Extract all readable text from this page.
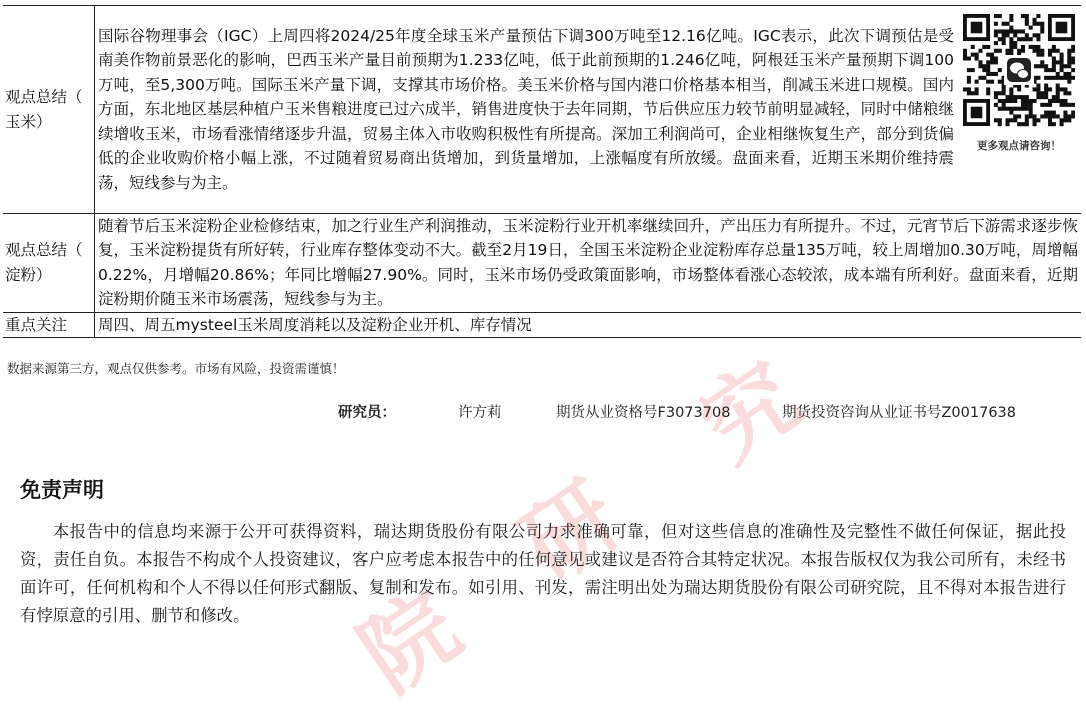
究
研
院
观点总结（
玉米）	国际谷物理事会（IGC）上周四将2024/25年度全球玉米产量预估下调300万吨至12.16亿吨。IGC表示，此次下调预估是受南美作物前景恶化的影响，巴西玉米产量目前预期为1.233亿吨，低于此前预期的1.246亿吨，阿根廷玉米产量预期下调100万吨，至5,300万吨。国际玉米产量下调，支撑其市场价格。美玉米价格与国内港口价格基本相当，削减玉米进口规模。国内方面，东北地区基层种植户玉米售粮进度已过六成半，销售进度快于去年同期，节后供应压力较节前明显减轻，同时中储粮继续增收玉米，市场看涨情绪逐步升温，贸易主体入市收购积极性有所提高。深加工利润尚可，企业相继恢复生产，部分到货偏低的企业收购价格小幅上涨，不过随着贸易商出货增加，到货量增加，上涨幅度有所放缓。盘面来看，近期玉米期价维持震荡，短线参与为主。	更多观点请咨询！

观点总结（
淀粉）	随着节后玉米淀粉企业检修结束，加之行业生产利润推动，玉米淀粉行业开机率继续回升，产出压力有所提升。不过，元宵节后下游需求逐步恢复，玉米淀粉提货有所好转，行业库存整体变动不大。截至2月19日，全国玉米淀粉企业淀粉库存总量135万吨，较上周增加0.30万吨，周增幅0.22%，月增幅20.86%；年同比增幅27.90%。同时，玉米市场仍受政策面影响，市场整体看涨心态较浓，成本端有所利好。盘面来看，近期淀粉期价随玉米市场震荡，短线参与为主。	
重点关注	周四、周五mysteel玉米周度消耗以及淀粉企业开机、库存情况	
数据来源第三方，观点仅供参考。市场有风险，投资需谨慎！
研究员：	许方莉	期货从业资格号F3073708	期货投资咨询从业证书号Z0017638
免责声明
本报告中的信息均来源于公开可获得资料，瑞达期货股份有限公司力求准确可靠，但对这些信息的准确性及完整性不做任何保证，据此投资，责任自负。本报告不构成个人投资建议，客户应考虑本报告中的任何意见或建议是否符合其特定状况。本报告版权仅为我公司所有，未经书面许可，任何机构和个人不得以任何形式翻版、复制和发布。如引用、刊发，需注明出处为瑞达期货股份有限公司研究院，且不得对本报告进行有悖原意的引用、删节和修改。
